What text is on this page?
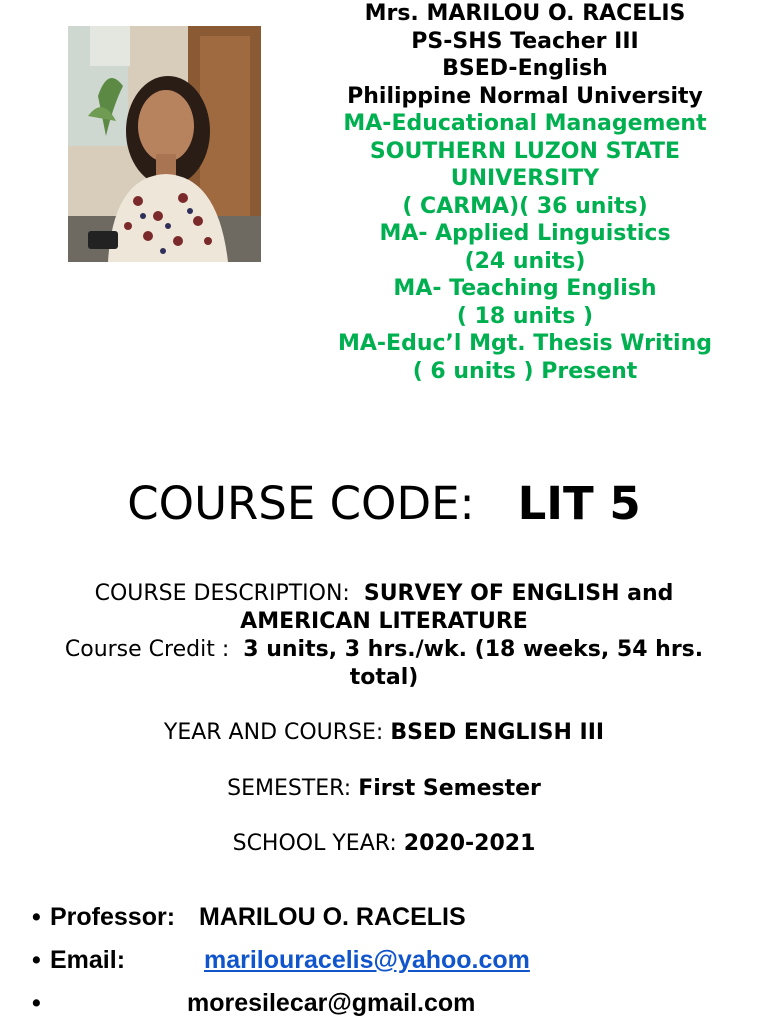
Mrs. MARILOU O. RACELIS
PS-SHS Teacher III
BSED-English
Philippine Normal University
MA-Educational Management
SOUTHERN LUZON STATE
UNIVERSITY
( CARMA)( 36 units)
MA- Applied Linguistics
(24 units)
MA- Teaching English
( 18 units )
MA-Educ’l Mgt. Thesis Writing
( 6 units ) Present
COURSE CODE: LIT 5
COURSE DESCRIPTION: SURVEY OF ENGLISH and
AMERICAN LITERATURE
Course Credit : 3 units, 3 hrs./wk. (18 weeks, 54 hrs.
total)
YEAR AND COURSE: BSED ENGLISH III
SEMESTER: First Semester
SCHOOL YEAR: 2020-2021
• Professor: MARILOU O. RACELIS
• Email:	marilouracelis@yahoo.com
•	moresilecar@gmail.com
